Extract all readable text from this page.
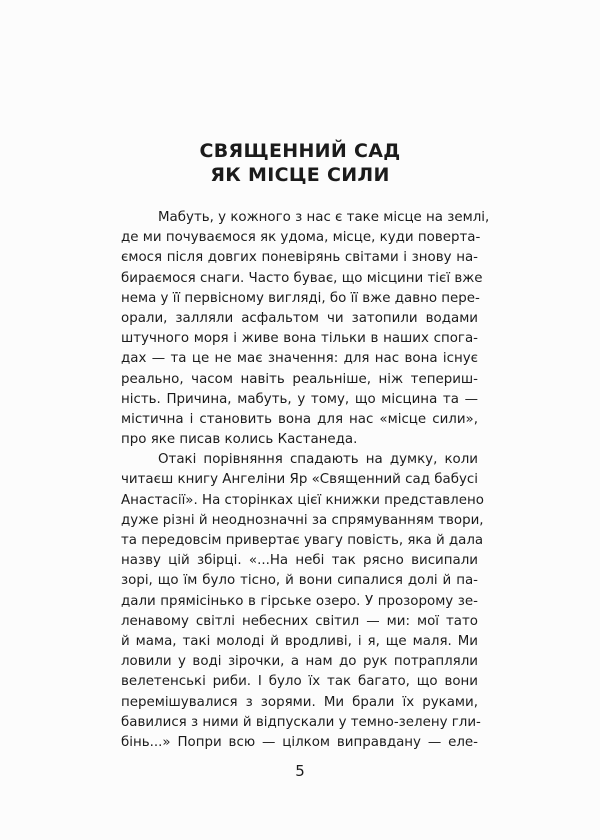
СВЯЩЕННИЙ САД
ЯК МІСЦЕ СИЛИ
Мабуть, у кожного з нас є таке місце на землі,
де ми почуваємося як удома, місце, куди поверта-
ємося після довгих поневірянь світами і знову на-
бираємося снаги. Часто буває, що місцини тієї вже
нема у її первісному вигляді, бо її вже давно пере-
орали, залляли асфальтом чи затопили водами
штучного моря і живе вона тільки в наших спога-
дах — та це не має значення: для нас вона існує
реально, часом навіть реальніше, ніж тепериш-
ність. Причина, мабуть, у тому, що місцина та —
містична і становить вона для нас «місце сили»,
про яке писав колись Кастанеда.
Отакі порівняння спадають на думку, коли
читаєш книгу Ангеліни Яр «Священний сад бабусі
Анастасії». На сторінках цієї книжки представлено
дуже різні й неоднозначні за спрямуванням твори,
та передовсім привертає увагу повість, яка й дала
назву цій збірці. «...На небі так рясно висипали
зорі, що їм було тісно, й вони сипалися долі й па-
дали прямісінько в гірське озеро. У прозорому зе-
ленавому світлі небесних світил — ми: мої тато
й мама, такі молоді й вродливі, і я, ще маля. Ми
ловили у воді зірочки, а нам до рук потрапляли
велетенські риби. І було їх так багато, що вони
перемішувалися з зорями. Ми брали їх руками,
бавилися з ними й відпускали у темно-зелену гли-
бінь...» Попри всю — цілком виправдану — еле-
5
